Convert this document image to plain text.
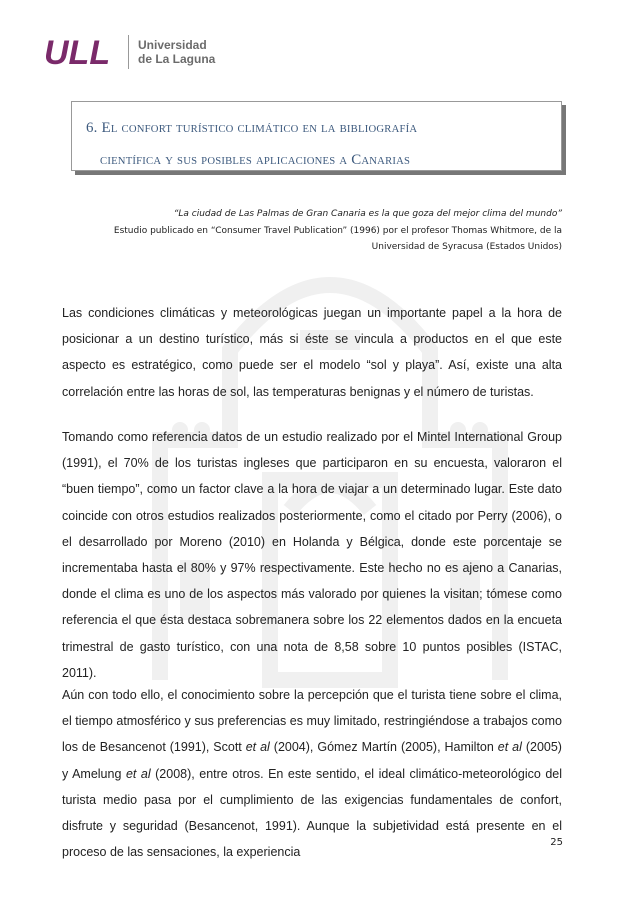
ULL Universidad
de La Laguna
6. EL CONFORT TURÍSTICO CLIMÁTICO EN LA BIBLIOGRAFÍA
CIENTÍFICA Y SUS POSIBLES APLICACIONES A CANARIAS
“La ciudad de Las Palmas de Gran Canaria es la que goza del mejor clima del mundo”
Estudio publicado en “Consumer Travel Publication” (1996) por el profesor Thomas Whitmore, de la
Universidad de Syracusa (Estados Unidos)

Las condiciones climáticas y meteorológicas juegan un importante papel a la hora de posicionar a un destino turístico, más si éste se vincula a productos en el que este aspecto es estratégico, como puede ser el modelo “sol y playa”. Así, existe una alta correlación entre las horas de sol, las temperaturas benignas y el número de turistas.

Tomando como referencia datos de un estudio realizado por el Mintel International Group (1991), el 70% de los turistas ingleses que participaron en su encuesta, valoraron el “buen tiempo”, como un factor clave a la hora de viajar a un determinado lugar. Este dato coincide con otros estudios realizados posteriormente, como el citado por Perry (2006), o el desarrollado por Moreno (2010) en Holanda y Bélgica, donde este porcentaje se incrementaba hasta el 80% y 97% respectivamente. Este hecho no es ajeno a Canarias, donde el clima es uno de los aspectos más valorado por quienes la visitan; tómese como referencia el que ésta destaca sobremanera sobre los 22 elementos dados en la encueta trimestral de gasto turístico, con una nota de 8,58 sobre 10 puntos posibles (ISTAC, 2011).

Aún con todo ello, el conocimiento sobre la percepción que el turista tiene sobre el clima, el tiempo atmosférico y sus preferencias es muy limitado, restringiéndose a trabajos como los de Besancenot (1991), Scott et al (2004), Gómez Martín (2005), Hamilton et al (2005) y Amelung et al (2008), entre otros. En este sentido, el ideal climático-meteorológico del turista medio pasa por el cumplimiento de las exigencias fundamentales de confort, disfrute y seguridad (Besancenot, 1991). Aunque la subjetividad está presente en el proceso de las sensaciones, la experiencia

25
